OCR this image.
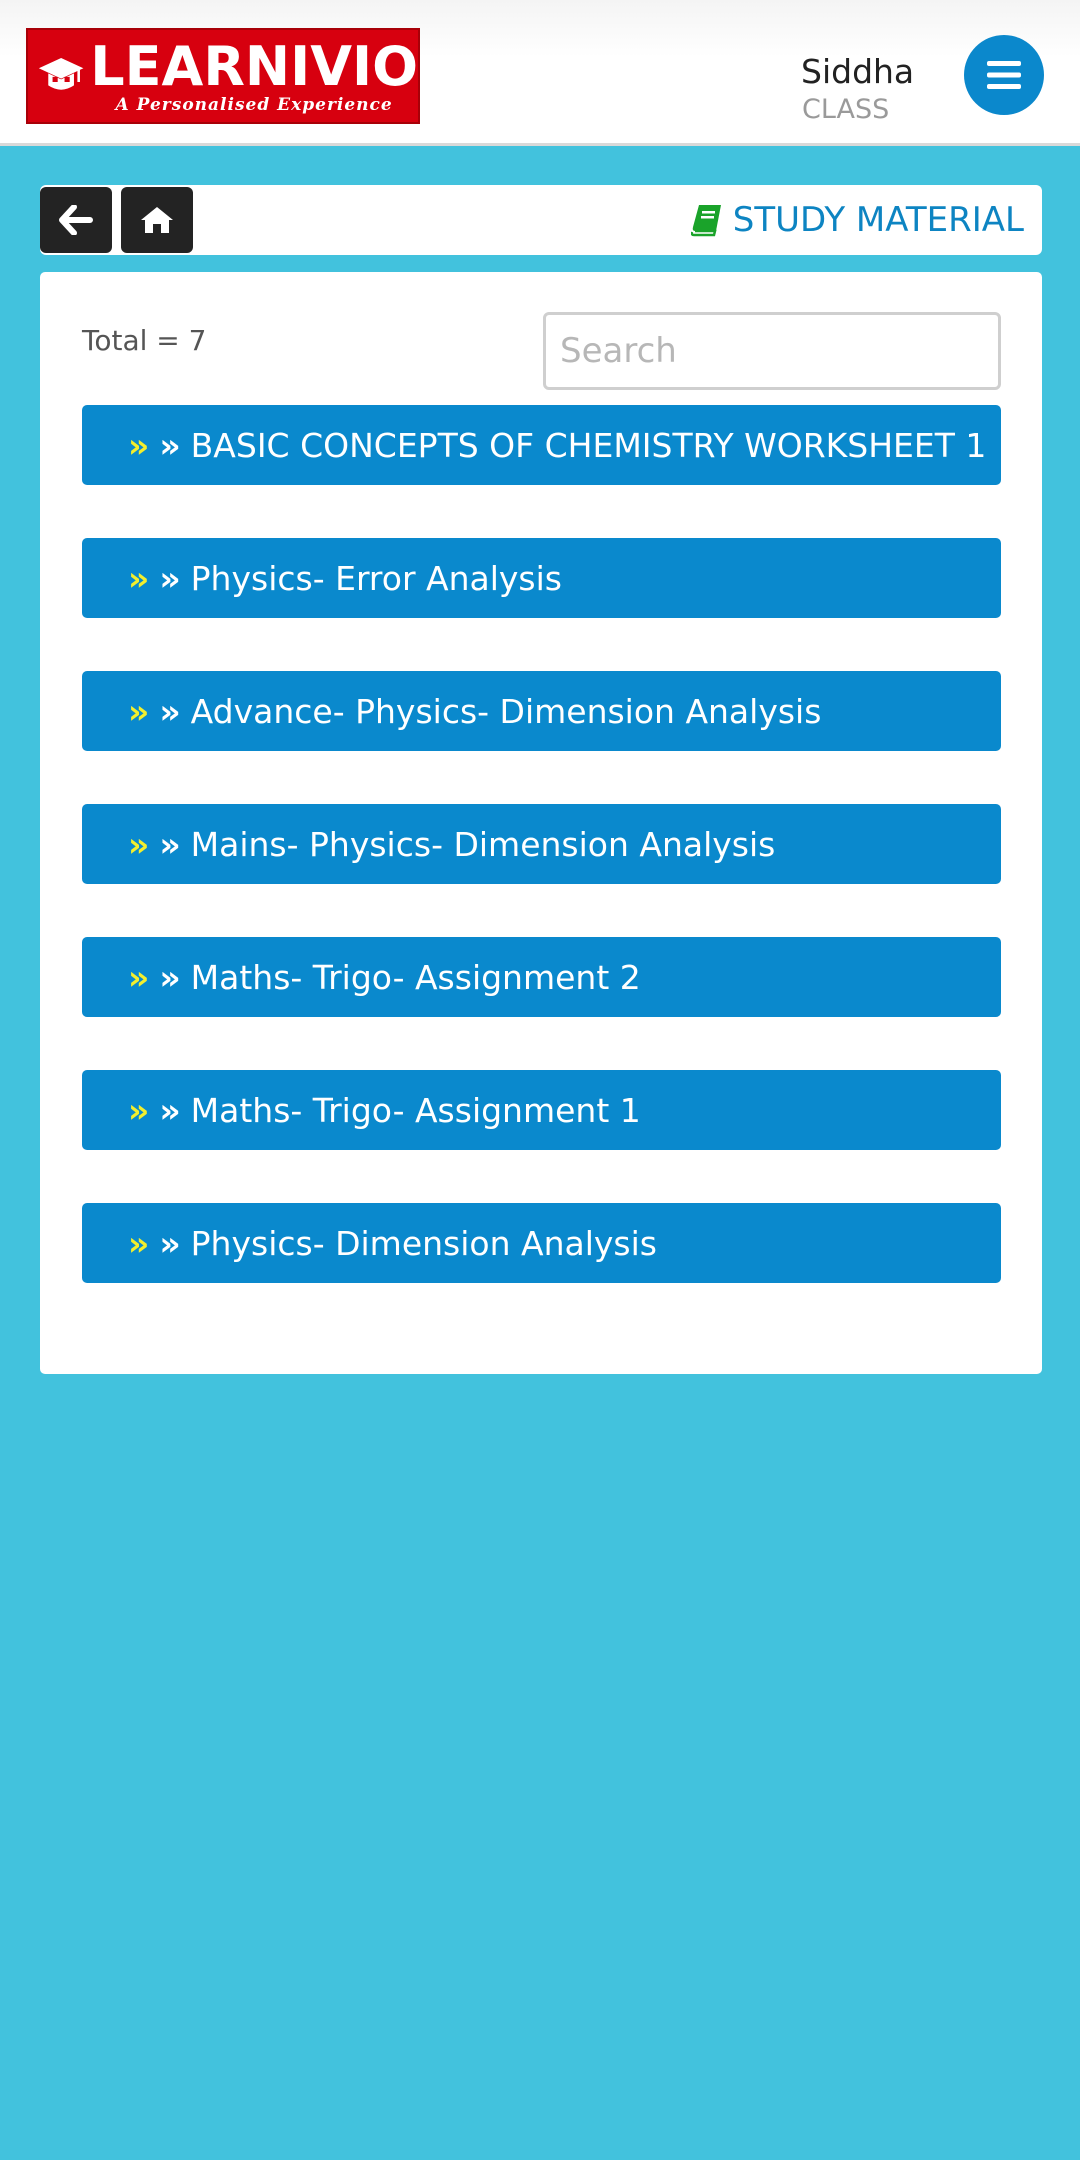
LEARNIVIO
A Personalised Experience
Siddha
CLASS
STUDY MATERIAL
Total = 7
Search
» » BASIC CONCEPTS OF CHEMISTRY WORKSHEET 1
» » Physics- Error Analysis
» » Advance- Physics- Dimension Analysis
» » Mains- Physics- Dimension Analysis
» » Maths- Trigo- Assignment 2
» » Maths- Trigo- Assignment 1
» » Physics- Dimension Analysis
